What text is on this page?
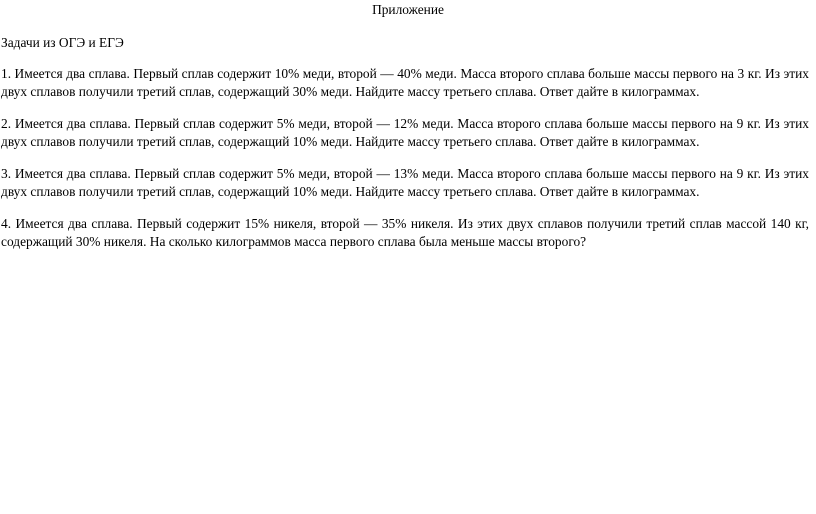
Приложение
Задачи из ОГЭ и ЕГЭ

1. Имеется два сплава. Первый сплав содержит 10% меди, второй — 40% меди. Масса второго сплава больше массы первого на 3 кг. Из этих двух сплавов получили третий сплав, содержащий 30% меди. Найдите массу третьего сплава. Ответ дайте в килограммах.

2. Имеется два сплава. Первый сплав содержит 5% меди, второй — 12% меди. Масса второго сплава больше массы первого на 9 кг. Из этих двух сплавов получили третий сплав, содержащий 10% меди. Найдите массу третьего сплава. Ответ дайте в килограммах.

3. Имеется два сплава. Первый сплав содержит 5% меди, второй — 13% меди. Масса второго сплава больше массы первого на 9 кг. Из этих двух сплавов получили третий сплав, содержащий 10% меди. Найдите массу третьего сплава. Ответ дайте в килограммах.

4. Имеется два сплава. Первый содержит 15% никеля, второй — 35% никеля. Из этих двух сплавов получили третий сплав массой 140 кг, содержащий 30% никеля. На сколько килограммов масса первого сплава была меньше массы второго?
